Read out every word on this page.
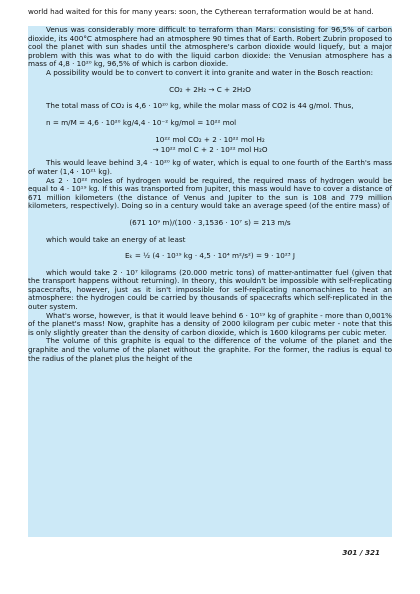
world had waited for this for many years: soon, the Cytherean terraformation would be at hand.

Venus was considerably more difficult to terraform than Mars: consisting for 96,5% of carbon dioxide, its 400°C atmosphere had an atmosphere 90 times that of Earth. Robert Zubrin proposed to cool the planet with sun shades until the atmosphere's carbon dioxide would liquefy, but a major problem with this was what to do with the liquid carbon dioxide: the Venusian atmosphere has a mass of 4,8 · 10²⁰ kg, 96,5% of which is carbon dioxide.

A possibility would be to convert to convert it into granite and water in the Bosch reaction:

CO₂ + 2H₂ → C + 2H₂O

The total mass of CO₂ is 4,6 · 10²⁰ kg, while the molar mass of CO2 is 44 g/mol. Thus,

n = m/M = 4,6 · 10²⁰ kg/4,4 · 10⁻² kg/mol = 10²² mol
10²² mol CO₂ + 2 · 10²² mol H₂
→ 10²² mol C + 2 · 10²² mol H₂O

This would leave behind 3,4 · 10²⁰ kg of water, which is equal to one fourth of the Earth's mass of water (1,4 · 10²¹ kg).

As 2 · 10²² moles of hydrogen would be required, the required mass of hydrogen would be equal to 4 · 10¹⁹ kg. If this was transported from Jupiter, this mass would have to cover a distance of 671 million kilometers (the distance of Venus and Jupiter to the sun is 108 and 779 million kilometers, respectively). Doing so in a century would take an average speed (of the entire mass) of

(671 10⁹ m)/(100 · 3,1536 · 10⁷ s) = 213 m/s

which would take an energy of at least

Eₖ = ½ (4 · 10¹⁹ kg · 4,5 · 10⁴ m²/s²) = 9 · 10²³ J

which would take 2 · 10⁷ kilograms (20.000 metric tons) of matter-antimatter fuel (given that the transport happens without returning). In theory, this wouldn't be impossible with self-replicating spacecrafts, however, just as it isn't impossible for self-replicating nanomachines to heat an atmosphere: the hydrogen could be carried by thousands of spacecrafts which self-replicated in the outer system.

What's worse, however, is that it would leave behind 6 · 10¹⁹ kg of graphite - more than 0,001% of the planet's mass! Now, graphite has a density of 2000 kilogram per cubic meter - note that this is only slightly greater than the density of carbon dioxide, which is 1600 kilograms per cubic meter.

The volume of this graphite is equal to the difference of the volume of the planet and the graphite and the volume of the planet without the graphite. For the former, the radius is equal to the radius of the planet plus the height of the

301 / 321
